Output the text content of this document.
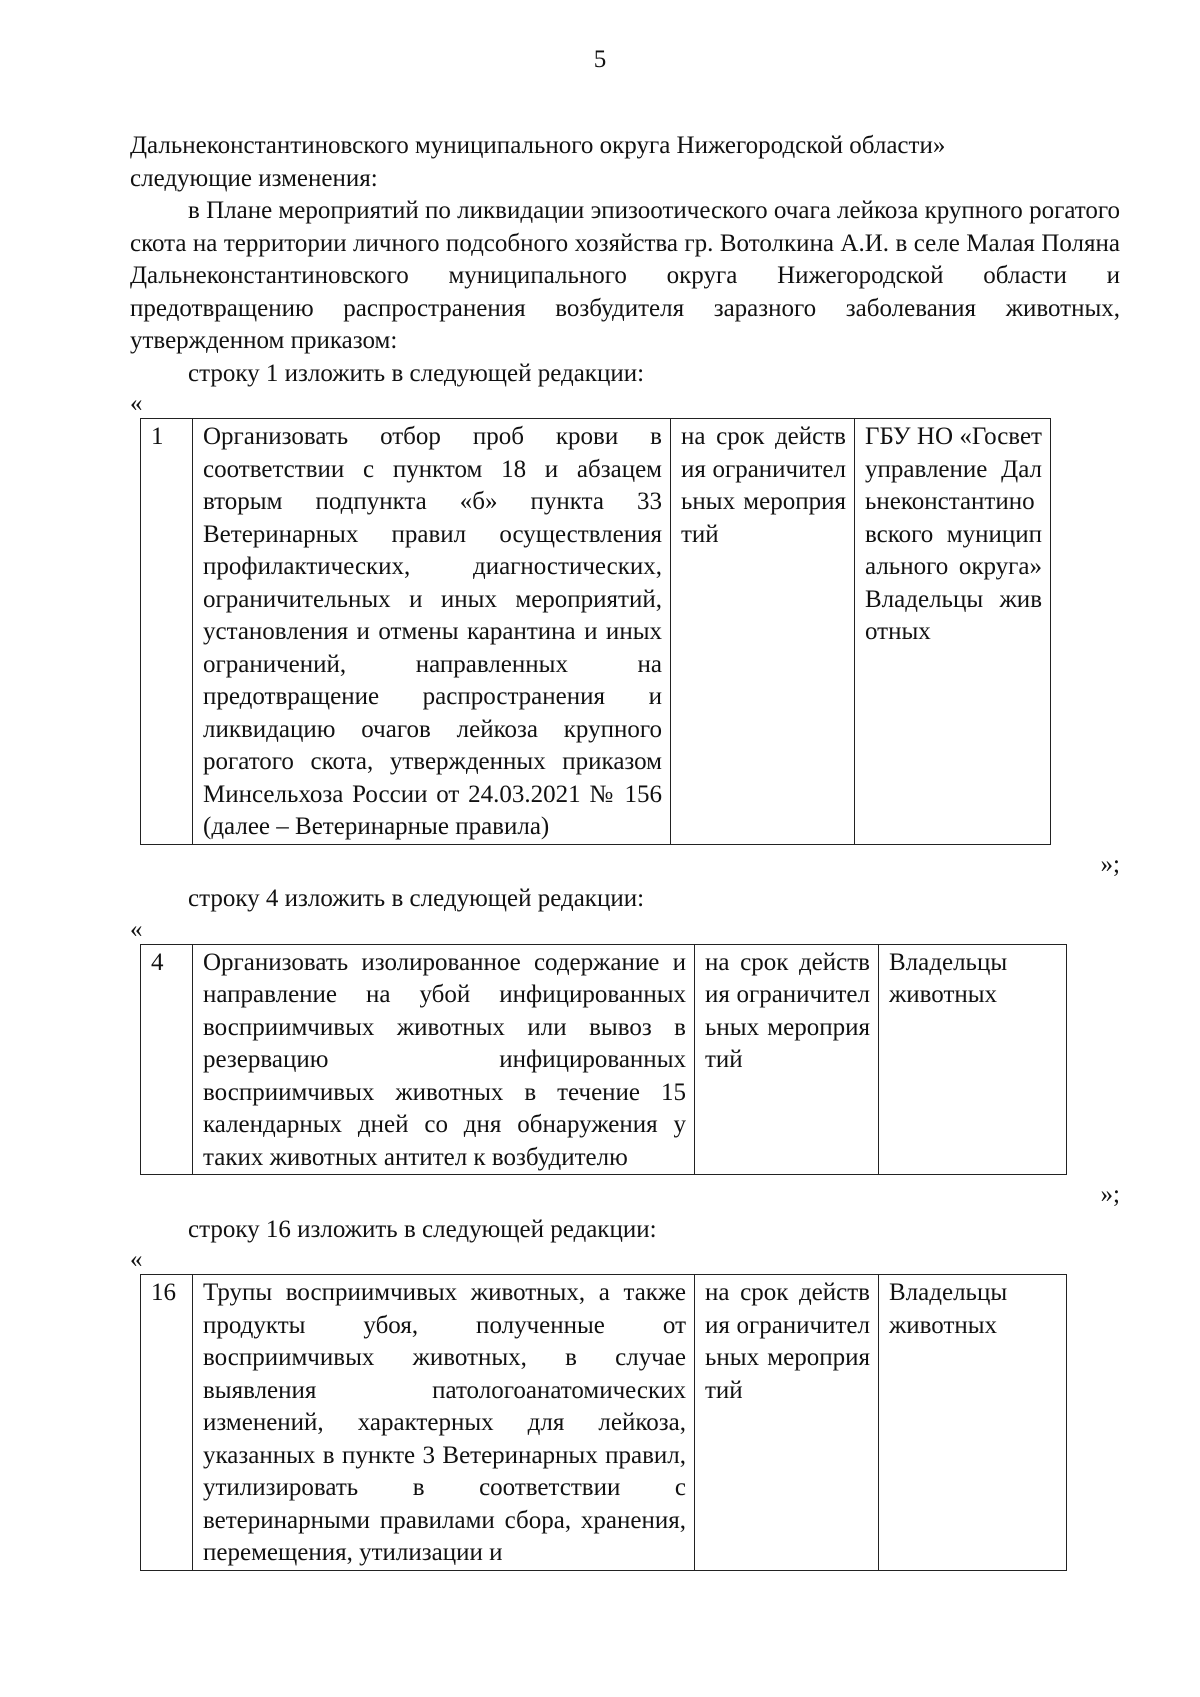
5

Дальнеконстантиновского муниципального округа Нижегородской области»

следующие изменения:

в Плане мероприятий по ликвидации эпизоотического очага лейкоза крупного рогатого скота на территории личного подсобного хозяйства гр. Вотолкина А.И. в селе Малая Поляна Дальнеконстантиновского муниципального округа Нижегородской области и предотвращению распространения возбудителя заразного заболевания животных, утвержденном приказом:

строку 1 изложить в следующей редакции:

«

1	Организовать отбор проб крови в соответствии с пунктом 18 и абзацем вторым подпункта «б» пункта 33 Ветеринарных правил осуществления профилактических, диагностических, ограничительных и иных мероприятий, установления и отмены карантина и иных ограничений, направленных на предотвращение распространения и ликвидацию очагов лейкоза крупного рогатого скота, утвержденных приказом Минсельхоза России от 24.03.2021 № 156 (далее – Ветеринарные правила)	на срок действия ограничительных мероприятий	ГБУ НО «Госветуправление Дальнеконстантиновского муниципального округа» Владельцы животных

»;

строку 4 изложить в следующей редакции:

«

4	Организовать изолированное содержание и направление на убой инфицированных восприимчивых животных или вывоз в резервацию инфицированных восприимчивых животных в течение 15 календарных дней со дня обнаружения у таких животных антител к возбудителю	на срок действия ограничительных мероприятий	Владельцы животных

»;

строку 16 изложить в следующей редакции:

«

16	Трупы восприимчивых животных, а также продукты убоя, полученные от восприимчивых животных, в случае выявления патологоанатомических изменений, характерных для лейкоза, указанных в пункте 3 Ветеринарных правил, утилизировать в соответствии с ветеринарными правилами сбора, хранения, перемещения, утилизации и	на срок действия ограничительных мероприятий	Владельцы животных
